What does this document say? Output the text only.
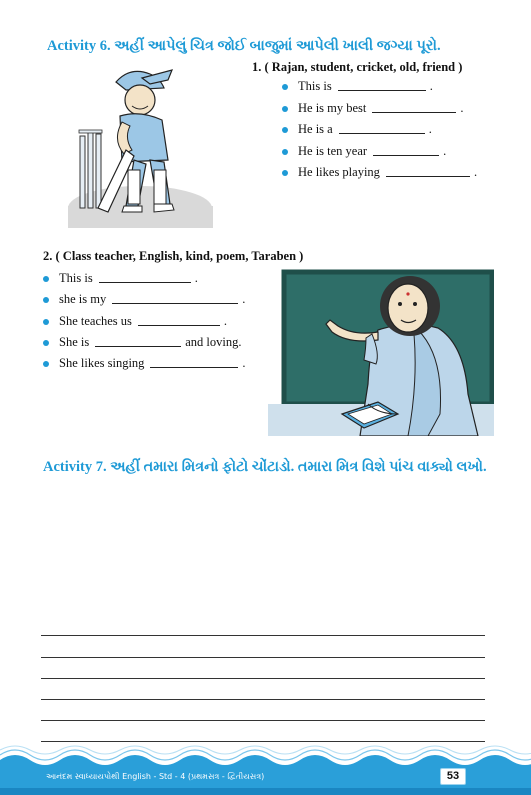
Activity 6. અહીં આપેલું ચિત્ર જોઈ બાજુમાં આપેલી ખાલી જગ્યા પૂરો.
1. ( Rajan, student, cricket, old, friend )
This is	.
He is my best	.
He is a	.
He is ten year	.
He likes playing	.
2. ( Class teacher, English, kind, poem, Taraben )
This is	.
she is my	.
She teaches us	.
She is	and loving.
She likes singing	.
Activity 7. અહીં તમારા મિત્રનો ફોટો ચોંટાડો. તમારા મિત્ર વિશે પાંચ વાક્યો લખો.
આનંદમ સ્વાધ્યાયપોથી English - Std - 4 (પ્રથમસત્ર - દ્વિતીયસત્ર)	53
